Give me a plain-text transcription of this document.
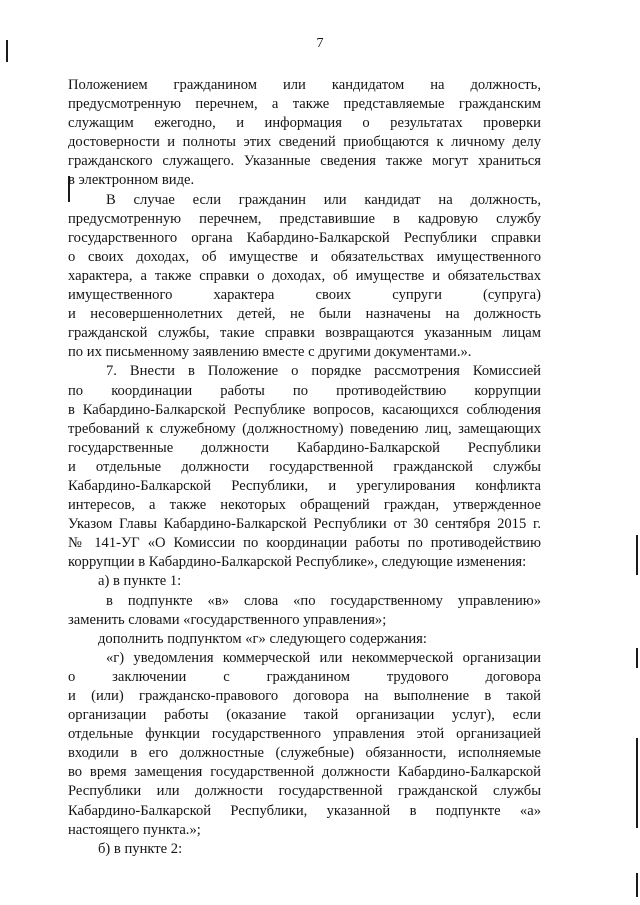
7
Положением гражданином или кандидатом на должность,
предусмотренную перечнем, а также представляемые гражданским
служащим ежегодно, и информация о результатах проверки
достоверности и полноты этих сведений приобщаются к личному делу
гражданского служащего. Указанные сведения также могут храниться
в электронном виде.
В случае если гражданин или кандидат на должность,
предусмотренную перечнем, представившие в кадровую службу
государственного органа Кабардино-Балкарской Республики справки
о своих доходах, об имуществе и обязательствах имущественного
характера, а также справки о доходах, об имуществе и обязательствах
имущественного характера своих супруги (супруга)
и несовершеннолетних детей, не были назначены на должность
гражданской службы, такие справки возвращаются указанным лицам
по их письменному заявлению вместе с другими документами.».
7. Внести в Положение о порядке рассмотрения Комиссией
по координации работы по противодействию коррупции
в Кабардино-Балкарской Республике вопросов, касающихся соблюдения
требований к служебному (должностному) поведению лиц, замещающих
государственные должности Кабардино-Балкарской Республики
и отдельные должности государственной гражданской службы
Кабардино-Балкарской Республики, и урегулирования конфликта
интересов, а также некоторых обращений граждан, утвержденное
Указом Главы Кабардино-Балкарской Республики от 30 сентября 2015 г.
№ 141-УГ «О Комиссии по координации работы по противодействию
коррупции в Кабардино-Балкарской Республике», следующие изменения:
а) в пункте 1:
в подпункте «в» слова «по государственному управлению»
заменить словами «государственного управления»;
дополнить подпунктом «г» следующего содержания:
«г) уведомления коммерческой или некоммерческой организации
о заключении с гражданином трудового договора
и (или) гражданско-правового договора на выполнение в такой
организации работы (оказание такой организации услуг), если
отдельные функции государственного управления этой организацией
входили в его должностные (служебные) обязанности, исполняемые
во время замещения государственной должности Кабардино-Балкарской
Республики или должности государственной гражданской службы
Кабардино-Балкарской Республики, указанной в подпункте «а»
настоящего пункта.»;
б) в пункте 2:
